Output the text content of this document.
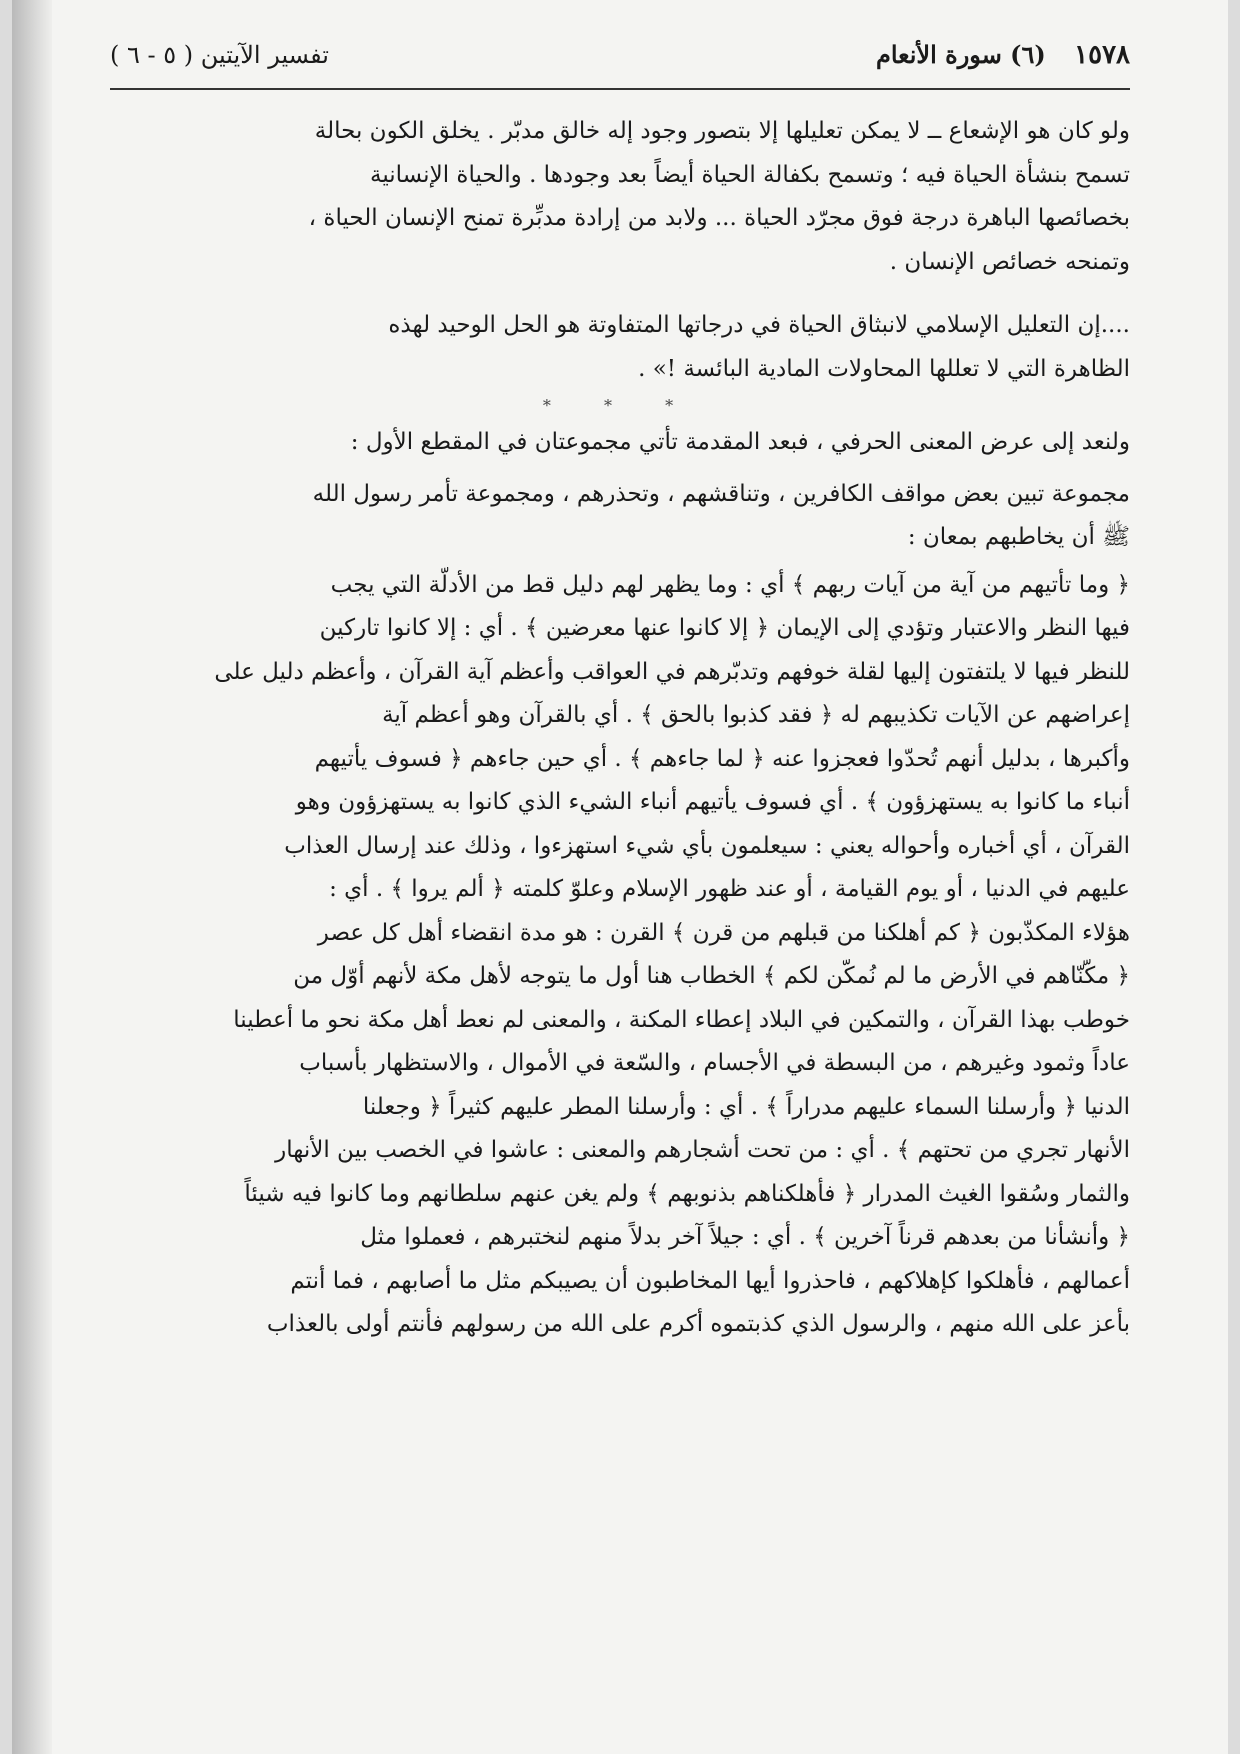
١٥٧٨ (٦) سورة الأنعام
تفسير الآيتين ( ٥ - ٦ )
ولو كان هو الإشعاع ــ لا يمكن تعليلها إلا بتصور وجود إله خالق مدبّر . يخلق الكون بحالة
تسمح بنشأة الحياة فيه ؛ وتسمح بكفالة الحياة أيضاً بعد وجودها . والحياة الإنسانية
بخصائصها الباهرة درجة فوق مجرّد الحياة ... ولابد من إرادة مدبِّرة تمنح الإنسان الحياة ،
وتمنحه خصائص الإنسان .
....إن التعليل الإسلامي لانبثاق الحياة في درجاتها المتفاوتة هو الحل الوحيد لهذه
الظاهرة التي لا تعللها المحاولات المادية البائسة !» .
* * *
ولنعد إلى عرض المعنى الحرفي ، فبعد المقدمة تأتي مجموعتان في المقطع الأول :
مجموعة تبين بعض مواقف الكافرين ، وتناقشهم ، وتحذرهم ، ومجموعة تأمر رسول الله
ﷺ أن يخاطبهم بمعان :
﴿ وما تأتيهم من آية من آيات ربهم ﴾ أي : وما يظهر لهم دليل قط من الأدلّة التي يجب
فيها النظر والاعتبار وتؤدي إلى الإيمان ﴿ إلا كانوا عنها معرضين ﴾ . أي : إلا كانوا تاركين
للنظر فيها لا يلتفتون إليها لقلة خوفهم وتدبّرهم في العواقب وأعظم آية القرآن ، وأعظم دليل على
إعراضهم عن الآيات تكذيبهم له ﴿ فقد كذبوا بالحق ﴾ . أي بالقرآن وهو أعظم آية
وأكبرها ، بدليل أنهم تُحدّوا فعجزوا عنه ﴿ لما جاءهم ﴾ . أي حين جاءهم ﴿ فسوف يأتيهم
أنباء ما كانوا به يستهزؤون ﴾ . أي فسوف يأتيهم أنباء الشيء الذي كانوا به يستهزؤون وهو
القرآن ، أي أخباره وأحواله يعني : سيعلمون بأي شيء استهزءوا ، وذلك عند إرسال العذاب
عليهم في الدنيا ، أو يوم القيامة ، أو عند ظهور الإسلام وعلوّ كلمته ﴿ ألم يروا ﴾ . أي :
هؤلاء المكذّبون ﴿ كم أهلكنا من قبلهم من قرن ﴾ القرن : هو مدة انقضاء أهل كل عصر
﴿ مكّنّاهم في الأرض ما لم نُمكّن لكم ﴾ الخطاب هنا أول ما يتوجه لأهل مكة لأنهم أوّل من
خوطب بهذا القرآن ، والتمكين في البلاد إعطاء المكنة ، والمعنى لم نعط أهل مكة نحو ما أعطينا
عاداً وثمود وغيرهم ، من البسطة في الأجسام ، والسّعة في الأموال ، والاستظهار بأسباب
الدنيا ﴿ وأرسلنا السماء عليهم مدراراً ﴾ . أي : وأرسلنا المطر عليهم كثيراً ﴿ وجعلنا
الأنهار تجري من تحتهم ﴾ . أي : من تحت أشجارهم والمعنى : عاشوا في الخصب بين الأنهار
والثمار وسُقوا الغيث المدرار ﴿ فأهلكناهم بذنوبهم ﴾ ولم يغن عنهم سلطانهم وما كانوا فيه شيئاً
﴿ وأنشأنا من بعدهم قرناً آخرين ﴾ . أي : جيلاً آخر بدلاً منهم لنختبرهم ، فعملوا مثل
أعمالهم ، فأهلكوا كإهلاكهم ، فاحذروا أيها المخاطبون أن يصيبكم مثل ما أصابهم ، فما أنتم
بأعز على الله منهم ، والرسول الذي كذبتموه أكرم على الله من رسولهم فأنتم أولى بالعذاب
